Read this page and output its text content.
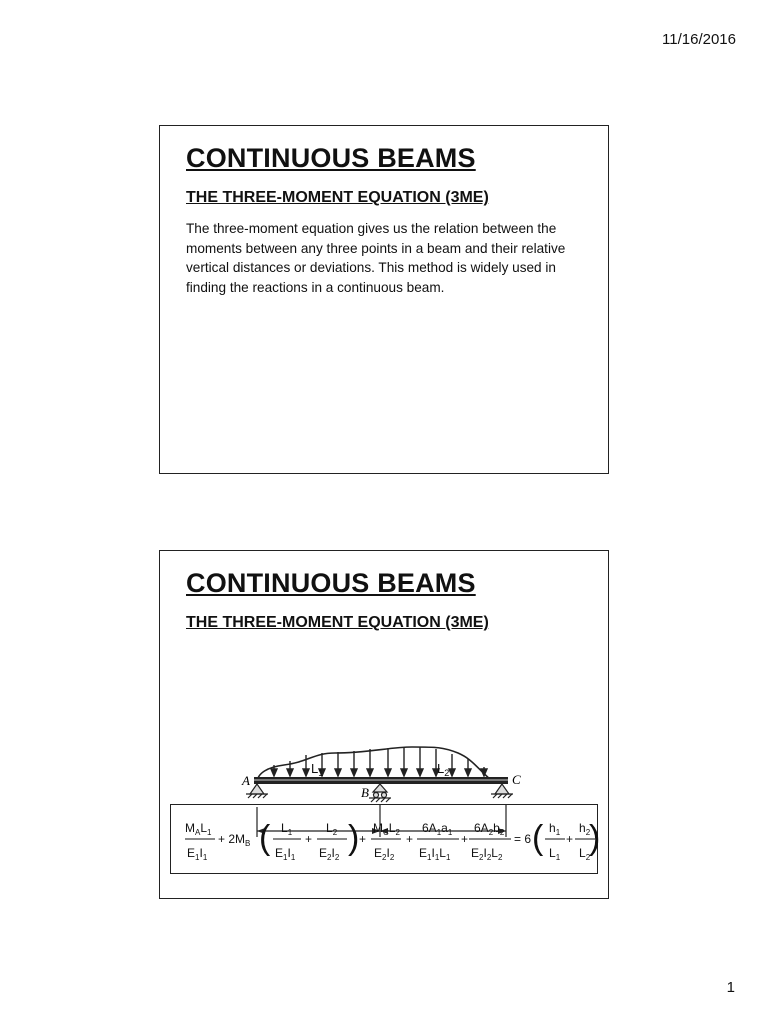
11/16/2016
CONTINUOUS BEAMS
THE THREE-MOMENT EQUATION (3ME)
The three-moment equation gives us the relation between the moments between any three points in a beam and their relative vertical distances or deviations. This method is widely used in finding the reactions in a continuous beam.
CONTINUOUS BEAMS
THE THREE-MOMENT EQUATION (3ME)
A
B
C
$L_1$	$L_2$
$M_AL_1$
$E_1I_1$
+ $2M_B$ ( $L_1$
$E_1I_1$
+
$L_2$
$E_2I_2$
) +
$M_CL_2$
$E_2I_2$
+
$6A_1a_1$
$E_1I_1L_1$
+
$6A_2b_2$
$E_2I_2L_2$
= 6 ( $h_1$
$L_1$
+
$h_2$
$L_2$
)
1
